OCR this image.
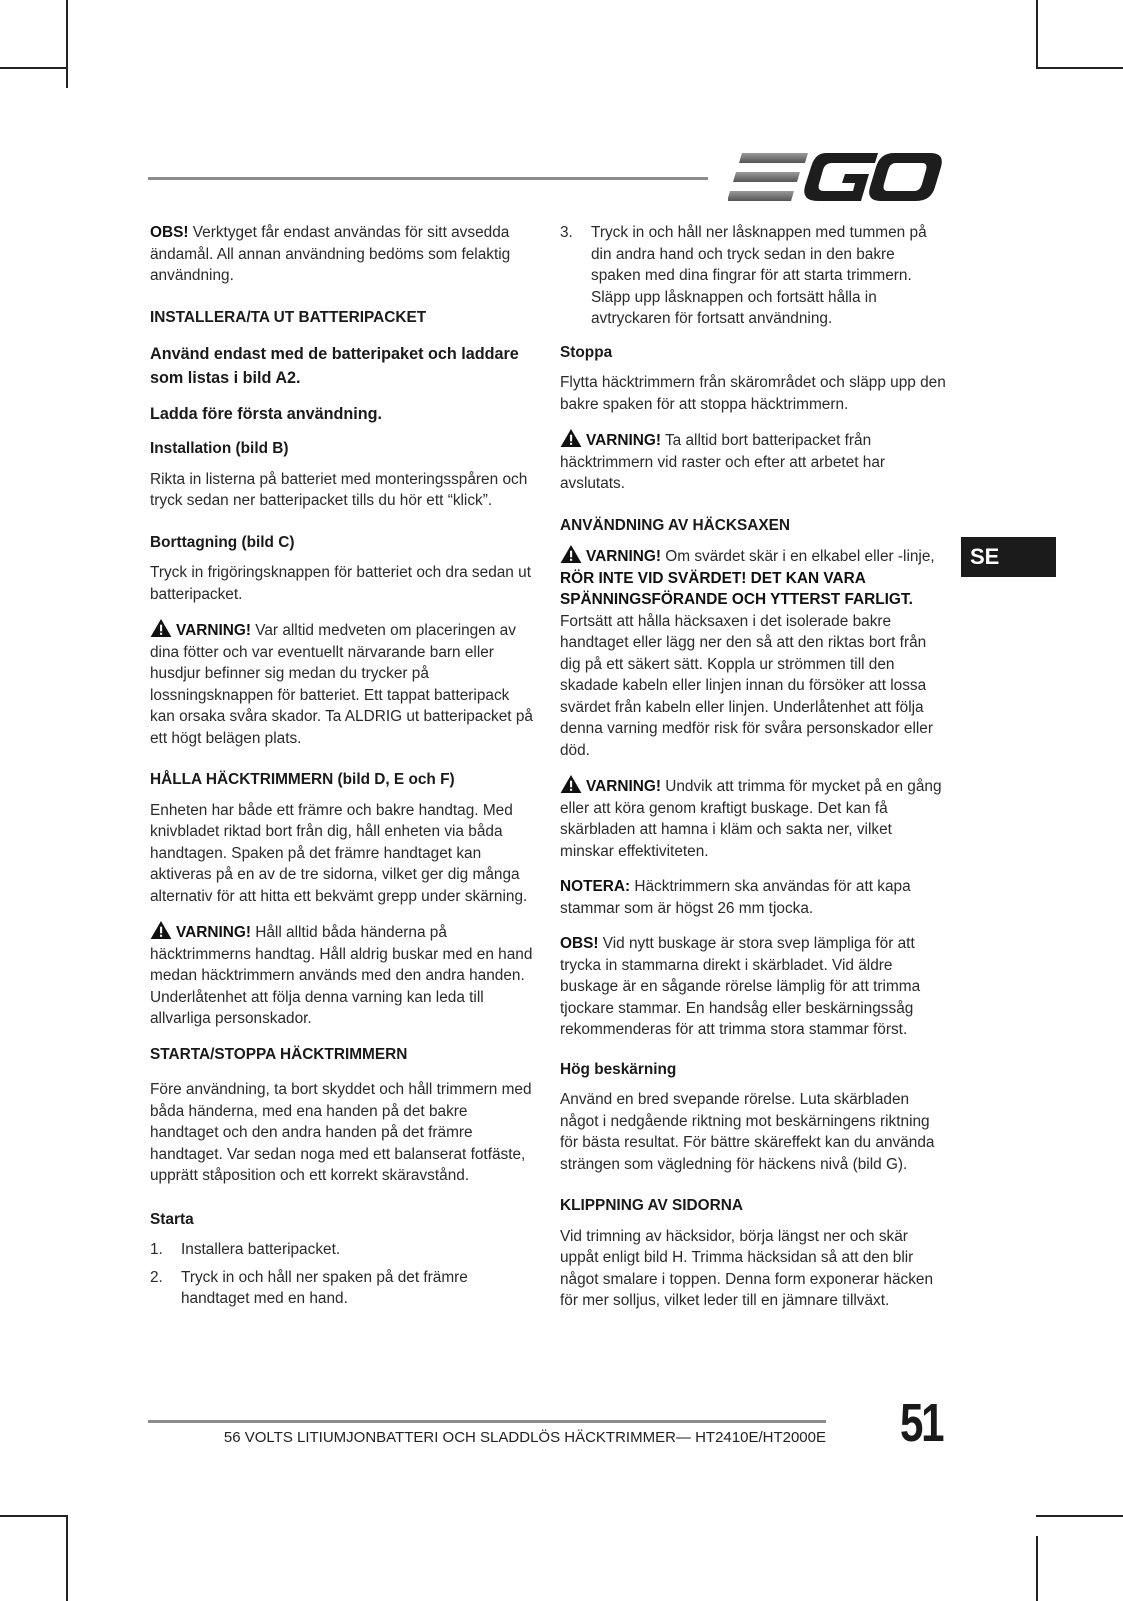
SE

OBS! Verktyget får endast användas för sitt avsedda ändamål. All annan användning bedöms som felaktig användning.

INSTALLERA/TA UT BATTERIPACKET
Använd endast med de batteripaket och laddare som listas i bild A2.
Ladda före första användning.
Installation (bild B)

Rikta in listerna på batteriet med monteringsspåren och tryck sedan ner batteripacket tills du hör ett “klick”.

Borttagning (bild C)

Tryck in frigöringsknappen för batteriet och dra sedan ut batteripacket.

VARNING! Var alltid medveten om placeringen av dina fötter och var eventuellt närvarande barn eller husdjur befinner sig medan du trycker på lossningsknappen för batteriet. Ett tappat batteripack kan orsaka svåra skador. Ta ALDRIG ut batteripacket på ett högt belägen plats.

HÅLLA HÄCKTRIMMERN (bild D, E och F)

Enheten har både ett främre och bakre handtag. Med knivbladet riktad bort från dig, håll enheten via båda handtagen. Spaken på det främre handtaget kan aktiveras på en av de tre sidorna, vilket ger dig många alternativ för att hitta ett bekvämt grepp under skärning.

VARNING! Håll alltid båda händerna på häcktrimmerns handtag. Håll aldrig buskar med en hand medan häcktrimmern används med den andra handen. Underlåtenhet att följa denna varning kan leda till allvarliga personskador.

STARTA/STOPPA HÄCKTRIMMERN

Före användning, ta bort skyddet och håll trimmern med båda händerna, med ena handen på det bakre handtaget och den andra handen på det främre handtaget. Var sedan noga med ett balanserat fotfäste, upprätt ståposition och ett korrekt skäravstånd.

Starta
1. Installera batteripacket.
2. Tryck in och håll ner spaken på det främre handtaget med en hand.
3. Tryck in och håll ner låsknappen med tummen på din andra hand och tryck sedan in den bakre spaken med dina fingrar för att starta trimmern. Släpp upp låsknappen och fortsätt hålla in avtryckaren för fortsatt användning.
Stoppa

Flytta häcktrimmern från skärområdet och släpp upp den bakre spaken för att stoppa häcktrimmern.

VARNING! Ta alltid bort batteripacket från häcktrimmern vid raster och efter att arbetet har avslutats.

ANVÄNDNING AV HÄCKSAXEN

VARNING! Om svärdet skär i en elkabel eller -linje, RÖR INTE VID SVÄRDET! DET KAN VARA SPÄNNINGSFÖRANDE OCH YTTERST FARLIGT. Fortsätt att hålla häcksaxen i det isolerade bakre handtaget eller lägg ner den så att den riktas bort från dig på ett säkert sätt. Koppla ur strömmen till den skadade kabeln eller linjen innan du försöker att lossa svärdet från kabeln eller linjen. Underlåtenhet att följa denna varning medför risk för svåra personskador eller död.

VARNING! Undvik att trimma för mycket på en gång eller att köra genom kraftigt buskage. Det kan få skärbladen att hamna i kläm och sakta ner, vilket minskar effektiviteten.

NOTERA: Häcktrimmern ska användas för att kapa stammar som är högst 26 mm tjocka.

OBS! Vid nytt buskage är stora svep lämpliga för att trycka in stammarna direkt i skärbladet. Vid äldre buskage är en sågande rörelse lämplig för att trimma tjockare stammar. En handsåg eller beskärningssåg rekommenderas för att trimma stora stammar först.

Hög beskärning

Använd en bred svepande rörelse. Luta skärbladen något i nedgående riktning mot beskärningens riktning för bästa resultat. För bättre skäreffekt kan du använda strängen som vägledning för häckens nivå (bild G).

KLIPPNING AV SIDORNA

Vid trimning av häcksidor, börja längst ner och skär uppåt enligt bild H. Trimma häcksidan så att den blir något smalare i toppen. Denna form exponerar häcken för mer solljus, vilket leder till en jämnare tillväxt.

56 VOLTS LITIUMJONBATTERI OCH SLADDLÖS HÄCKTRIMMER— HT2410E/HT2000E 51
